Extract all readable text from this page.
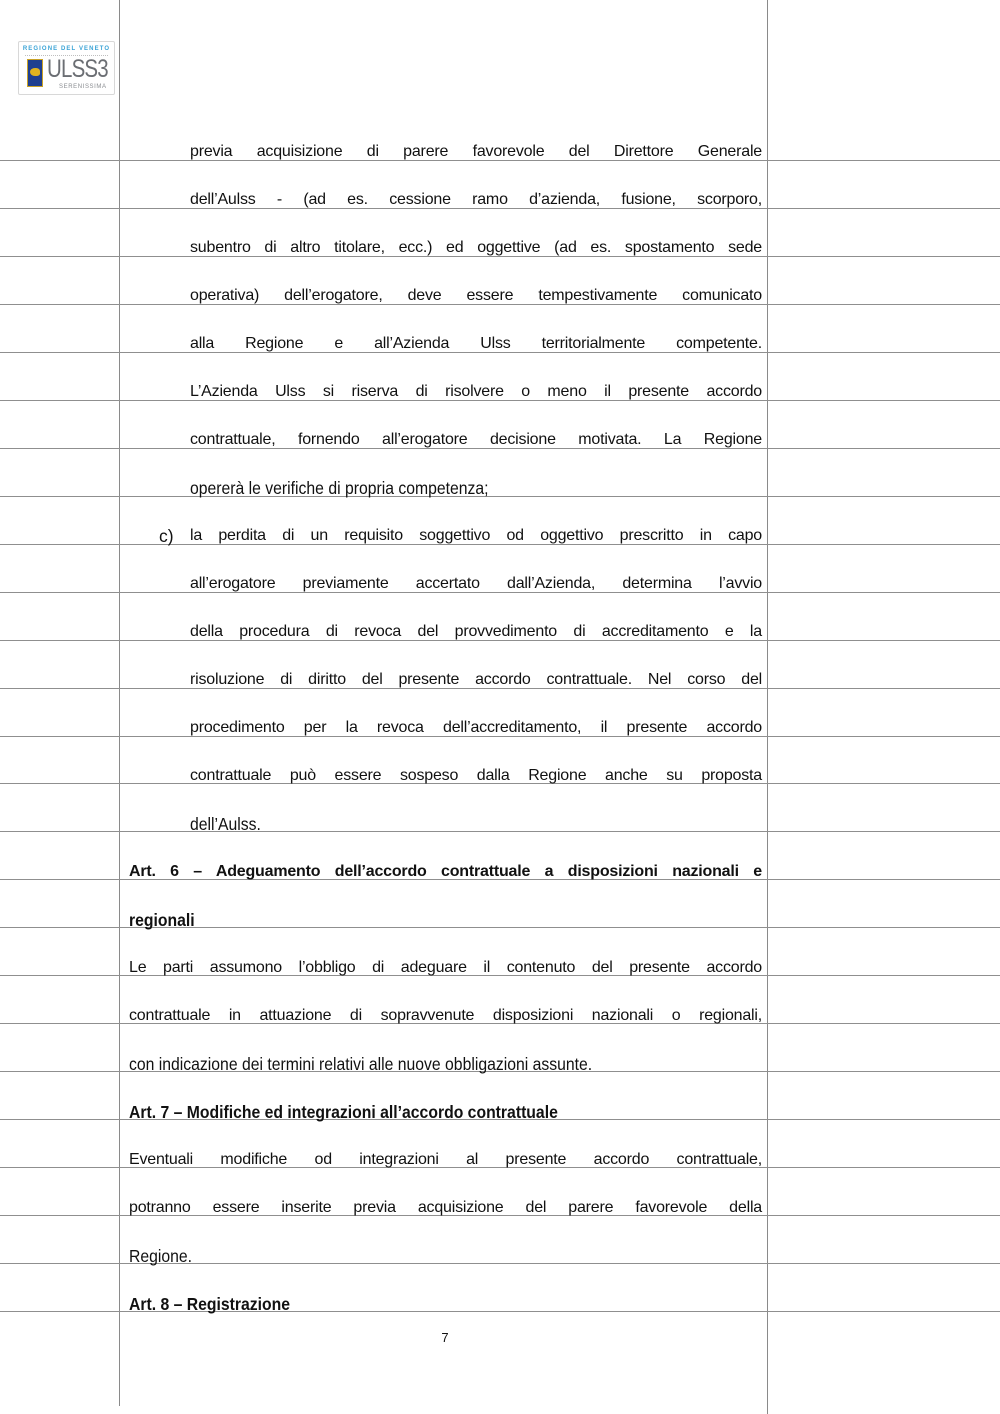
REGIONE DEL VENETO
ULSS3
SERENISSIMA
previa acquisizione di parere favorevole del Direttore Generale
dell’Aulss - (ad es. cessione ramo d’azienda, fusione, scorporo,
subentro di altro titolare, ecc.) ed oggettive (ad es. spostamento sede
operativa) dell’erogatore, deve essere tempestivamente comunicato
alla Regione e all’Azienda Ulss territorialmente competente.
L’Azienda Ulss si riserva di risolvere o meno il presente accordo
contrattuale, fornendo all’erogatore decisione motivata. La Regione
opererà le verifiche di propria competenza;
c) la perdita di un requisito soggettivo od oggettivo prescritto in capo
all’erogatore previamente accertato dall’Azienda, determina l’avvio
della procedura di revoca del provvedimento di accreditamento e la
risoluzione di diritto del presente accordo contrattuale. Nel corso del
procedimento per la revoca dell’accreditamento, il presente accordo
contrattuale può essere sospeso dalla Regione anche su proposta
dell’Aulss.
Art. 6 – Adeguamento dell’accordo contrattuale a disposizioni nazionali e
regionali
Le parti assumono l’obbligo di adeguare il contenuto del presente accordo
contrattuale in attuazione di sopravvenute disposizioni nazionali o regionali,
con indicazione dei termini relativi alle nuove obbligazioni assunte.
Art. 7 – Modifiche ed integrazioni all’accordo contrattuale
Eventuali modifiche od integrazioni al presente accordo contrattuale,
potranno essere inserite previa acquisizione del parere favorevole della
Regione.
Art. 8 – Registrazione
7
